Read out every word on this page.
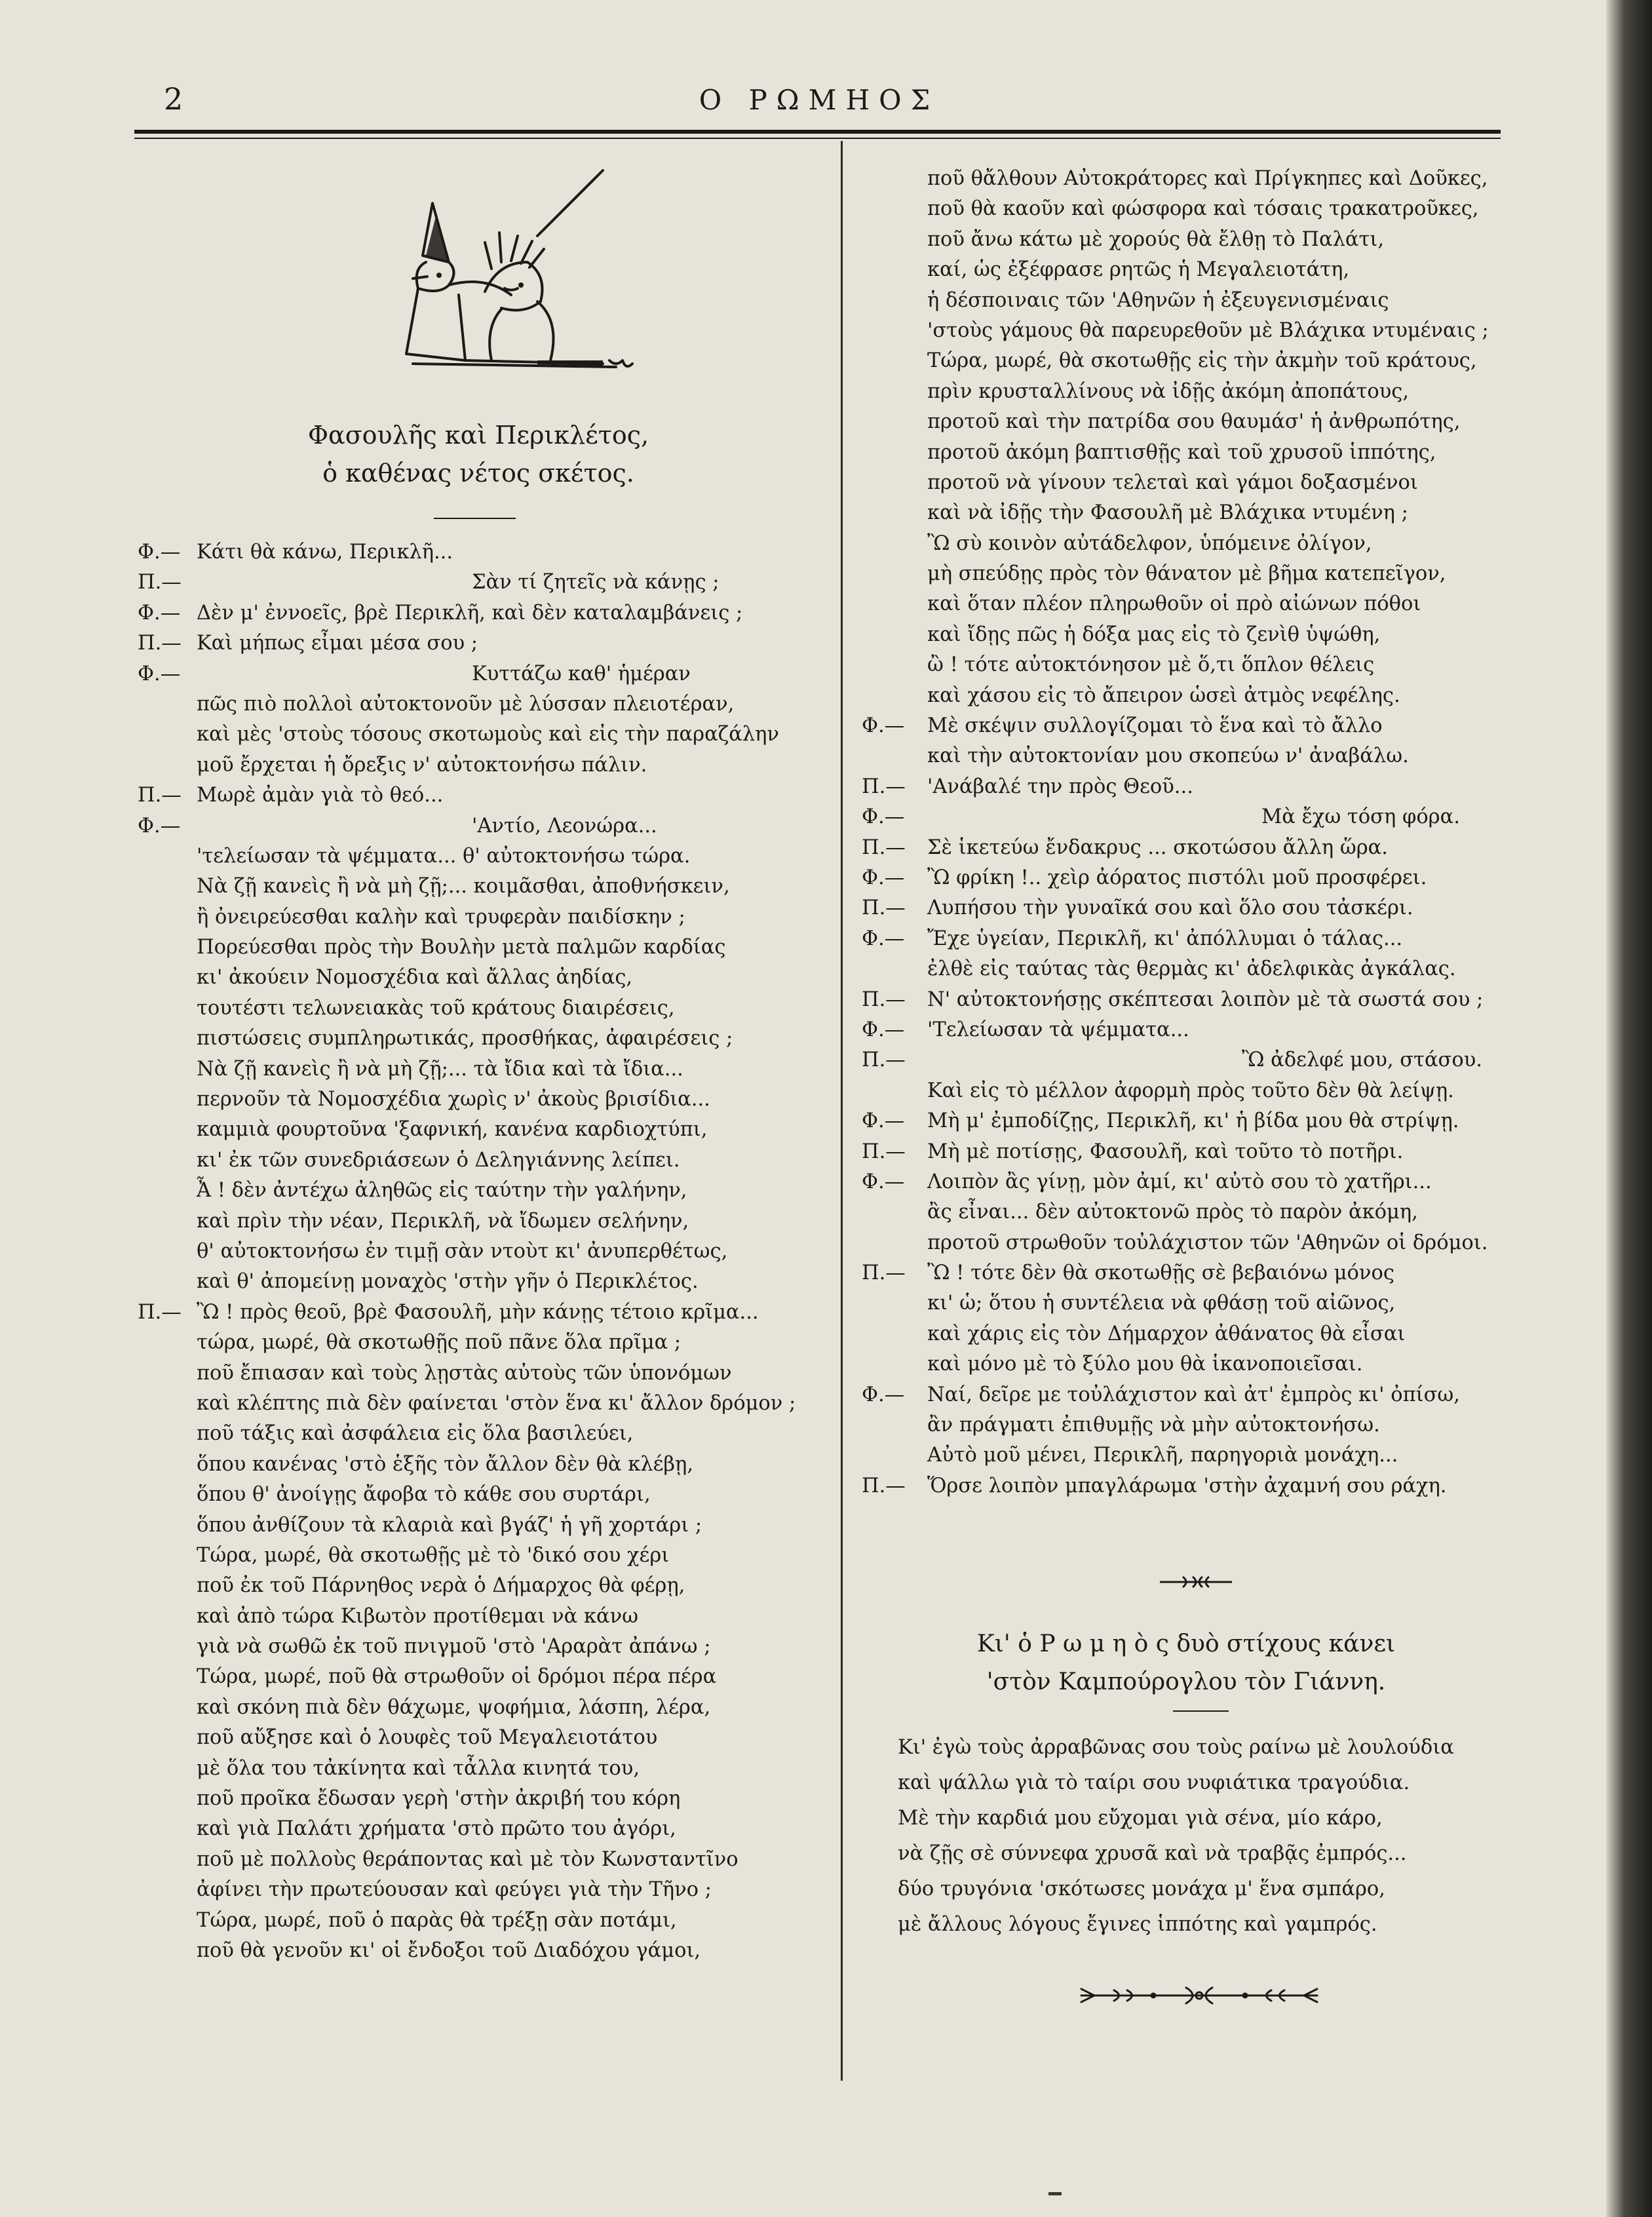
2	Ο ΡΩΜΗΟΣ
Φασουλῆς καὶ Περικλέτος,
ὁ καθένας νέτος σκέτος.
Φ.— Κάτι θὰ κάνω, Περικλῆ...
Π.—	Σὰν τί ζητεῖς νὰ κάνῃς ;
Φ.— Δὲν μ' ἐννοεῖς, βρὲ Περικλῆ, καὶ δὲν καταλαμβάνεις ;
Π.— Καὶ μήπως εἶμαι μέσα σου ;
Φ.—	Κυττάζω καθ' ἡμέραν
πῶς πιὸ πολλοὶ αὐτοκτονοῦν μὲ λύσσαν πλειοτέραν,
καὶ μὲς 'στοὺς τόσους σκοτωμοὺς καὶ εἰς τὴν παραζάλην
μοῦ ἔρχεται ἡ ὄρεξις ν' αὐτοκτονήσω πάλιν.
Π.— Μωρὲ ἀμὰν γιὰ τὸ θεό...
Φ.—	'Αντίο, Λεονώρα...
'τελείωσαν τὰ ψέμματα... θ' αὐτοκτονήσω τώρα.
Νὰ ζῇ κανεὶς ἢ νὰ μὴ ζῇ;... κοιμᾶσθαι, ἀποθνήσκειν,
ἢ ὀνειρεύεσθαι καλὴν καὶ τρυφερὰν παιδίσκην ;
Πορεύεσθαι πρὸς τὴν Βουλὴν μετὰ παλμῶν καρδίας
κι' ἀκούειν Νομοσχέδια καὶ ἄλλας ἀηδίας,
τουτέστι τελωνειακὰς τοῦ κράτους διαιρέσεις,
πιστώσεις συμπληρωτικάς, προσθήκας, ἀφαιρέσεις ;
Νὰ ζῇ κανεὶς ἢ νὰ μὴ ζῇ;... τὰ ἴδια καὶ τὰ ἴδια...
περνοῦν τὰ Νομοσχέδια χωρὶς ν' ἀκοὺς βρισίδια...
καμμιὰ φουρτοῦνα 'ξαφνική, κανένα καρδιοχτύπι,
κι' ἐκ τῶν συνεδριάσεων ὁ Δεληγιάννης λείπει.
Ἆ ! δὲν ἀντέχω ἀληθῶς εἰς ταύτην τὴν γαλήνην,
καὶ πρὶν τὴν νέαν, Περικλῆ, νὰ ἴδωμεν σελήνην,
θ' αὐτοκτονήσω ἐν τιμῇ σὰν ντοὺτ κι' ἀνυπερθέτως,
καὶ θ' ἀπομείνῃ μοναχὸς 'στὴν γῆν ὁ Περικλέτος.
Π.— Ὢ ! πρὸς θεοῦ, βρὲ Φασουλῆ, μὴν κάνῃς τέτοιο κρῖμα...
τώρα, μωρέ, θὰ σκοτωθῇς ποῦ πᾶνε ὅλα πρῖμα ;
ποῦ ἔπιασαν καὶ τοὺς λῃστὰς αὐτοὺς τῶν ὑπονόμων
καὶ κλέπτης πιὰ δὲν φαίνεται 'στὸν ἕνα κι' ἄλλον δρόμον ;
ποῦ τάξις καὶ ἀσφάλεια εἰς ὅλα βασιλεύει,
ὅπου κανένας 'στὸ ἑξῆς τὸν ἄλλον δὲν θὰ κλέβῃ,
ὅπου θ' ἀνοίγῃς ἄφοβα τὸ κάθε σου συρτάρι,
ὅπου ἀνθίζουν τὰ κλαριὰ καὶ βγάζ' ἡ γῆ χορτάρι ;
Τώρα, μωρέ, θὰ σκοτωθῇς μὲ τὸ 'δικό σου χέρι
ποῦ ἐκ τοῦ Πάρνηθος νερὰ ὁ Δήμαρχος θὰ φέρῃ,
καὶ ἀπὸ τώρα Κιβωτὸν προτίθεμαι νὰ κάνω
γιὰ νὰ σωθῶ ἐκ τοῦ πνιγμοῦ 'στὸ 'Αραρὰτ ἀπάνω ;
Τώρα, μωρέ, ποῦ θὰ στρωθοῦν οἱ δρόμοι πέρα πέρα
καὶ σκόνη πιὰ δὲν θάχωμε, ψοφήμια, λάσπη, λέρα,
ποῦ αὔξησε καὶ ὁ λουφὲς τοῦ Μεγαλειοτάτου
μὲ ὅλα του τἀκίνητα καὶ τἆλλα κινητά του,
ποῦ προῖκα ἔδωσαν γερὴ 'στὴν ἀκριβή του κόρη
καὶ γιὰ Παλάτι χρήματα 'στὸ πρῶτο του ἀγόρι,
ποῦ μὲ πολλοὺς θεράποντας καὶ μὲ τὸν Κωνσταντῖνο
ἀφίνει τὴν πρωτεύουσαν καὶ φεύγει γιὰ τὴν Τῆνο ;
Τώρα, μωρέ, ποῦ ὁ παρὰς θὰ τρέξῃ σὰν ποτάμι,
ποῦ θὰ γενοῦν κι' οἱ ἔνδοξοι τοῦ Διαδόχου γάμοι,
ποῦ θἄλθουν Αὐτοκράτορες καὶ Πρίγκηπες καὶ Δοῦκες,
ποῦ θὰ καοῦν καὶ φώσφορα καὶ τόσαις τρακατροῦκες,
ποῦ ἄνω κάτω μὲ χορούς θὰ ἔλθῃ τὸ Παλάτι,
καί, ὡς ἐξέφρασε ρητῶς ἡ Μεγαλειοτάτη,
ἡ δέσποιναις τῶν 'Αθηνῶν ἡ ἐξευγενισμέναις
'στοὺς γάμους θὰ παρευρεθοῦν μὲ Βλάχικα ντυμέναις ;
Τώρα, μωρέ, θὰ σκοτωθῇς εἰς τὴν ἀκμὴν τοῦ κράτους,
πρὶν κρυσταλλίνους νὰ ἰδῇς ἀκόμη ἀποπάτους,
προτοῦ καὶ τὴν πατρίδα σου θαυμάσ' ἡ ἀνθρωπότης,
προτοῦ ἀκόμη βαπτισθῇς καὶ τοῦ χρυσοῦ ἱππότης,
προτοῦ νὰ γίνουν τελεταὶ καὶ γάμοι δοξασμένοι
καὶ νὰ ἰδῇς τὴν Φασουλῆ μὲ Βλάχικα ντυμένη ;
Ὢ σὺ κοινὸν αὐτάδελφον, ὑπόμεινε ὀλίγον,
μὴ σπεύδῃς πρὸς τὸν θάνατον μὲ βῆμα κατεπεῖγον,
καὶ ὅταν πλέον πληρωθοῦν οἱ πρὸ αἰώνων πόθοι
καὶ ἴδῃς πῶς ἡ δόξα μας εἰς τὸ ζενὶθ ὑψώθη,
ὢ ! τότε αὐτοκτόνησον μὲ ὅ,τι ὅπλον θέλεις
καὶ χάσου εἰς τὸ ἄπειρον ὡσεὶ ἀτμὸς νεφέλης.
Φ.— Μὲ σκέψιν συλλογίζομαι τὸ ἕνα καὶ τὸ ἄλλο
καὶ τὴν αὐτοκτονίαν μου σκοπεύω ν' ἀναβάλω.
Π.— 'Ανάβαλέ την πρὸς Θεοῦ...
Φ.—	Μὰ ἔχω τόση φόρα.
Π.— Σὲ ἱκετεύω ἔνδακρυς ... σκοτώσου ἄλλη ὥρα.
Φ.— Ὢ φρίκη !.. χεὶρ ἀόρατος πιστόλι μοῦ προσφέρει.
Π.— Λυπήσου τὴν γυναῖκά σου καὶ ὅλο σου τἀσκέρι.
Φ.— Ἔχε ὑγείαν, Περικλῆ, κι' ἀπόλλυμαι ὁ τάλας...
ἐλθὲ εἰς ταύτας τὰς θερμὰς κι' ἀδελφικὰς ἀγκάλας.
Π.— Ν' αὐτοκτονήσῃς σκέπτεσαι λοιπὸν μὲ τὰ σωστά σου ;
Φ.— 'Τελείωσαν τὰ ψέμματα...
Π.—	Ὢ ἀδελφέ μου, στάσου.
Καὶ εἰς τὸ μέλλον ἀφορμὴ πρὸς τοῦτο δὲν θὰ λείψῃ.
Φ.— Μὴ μ' ἐμποδίζῃς, Περικλῆ, κι' ἡ βίδα μου θὰ στρίψῃ.
Π.— Μὴ μὲ ποτίσῃς, Φασουλῆ, καὶ τοῦτο τὸ ποτῆρι.
Φ.— Λοιπὸν ἂς γίνῃ, μὸν ἀμί, κι' αὐτὸ σου τὸ χατῆρι...
ἂς εἶναι... δὲν αὐτοκτονῶ πρὸς τὸ παρὸν ἀκόμη,
προτοῦ στρωθοῦν τοὐλάχιστον τῶν 'Αθηνῶν οἱ δρόμοι.
Π.— Ὢ ! τότε δὲν θὰ σκοτωθῇς σὲ βεβαιόνω μόνος
κι' ὡ; ὅτου ἡ συντέλεια νὰ φθάσῃ τοῦ αἰῶνος,
καὶ χάρις εἰς τὸν Δήμαρχον ἀθάνατος θὰ εἶσαι
καὶ μόνο μὲ τὸ ξύλο μου θὰ ἱκανοποιεῖσαι.
Φ.— Ναί, δεῖρε με τοὐλάχιστον καὶ ἀτ' ἐμπρὸς κι' ὀπίσω,
ἂν πράγματι ἐπιθυμῇς νὰ μὴν αὐτοκτονήσω.
Αὐτὸ μοῦ μένει, Περικλῆ, παρηγοριὰ μονάχη...
Π.— Ὅρσε λοιπὸν μπαγλάρωμα 'στὴν ἀχαμνή σου ράχη.
Κι' ὁ Ρ ω μ η ὸ ς δυὸ στίχους κάνει
'στὸν Καμπούρογλου τὸν Γιάννη.
Κι' ἐγὼ τοὺς ἀρραβῶνας σου τοὺς ραίνω μὲ λουλούδια
καὶ ψάλλω γιὰ τὸ ταίρι σου νυφιάτικα τραγούδια.
Μὲ τὴν καρδιά μου εὔχομαι γιὰ σένα, μίο κάρο,
νὰ ζῇς σὲ σύννεφα χρυσᾶ καὶ νὰ τραβᾷς ἐμπρός...
δύο τρυγόνια 'σκότωσες μονάχα μ' ἕνα σμπάρο,
μὲ ἄλλους λόγους ἔγινες ἱππότης καὶ γαμπρός.
